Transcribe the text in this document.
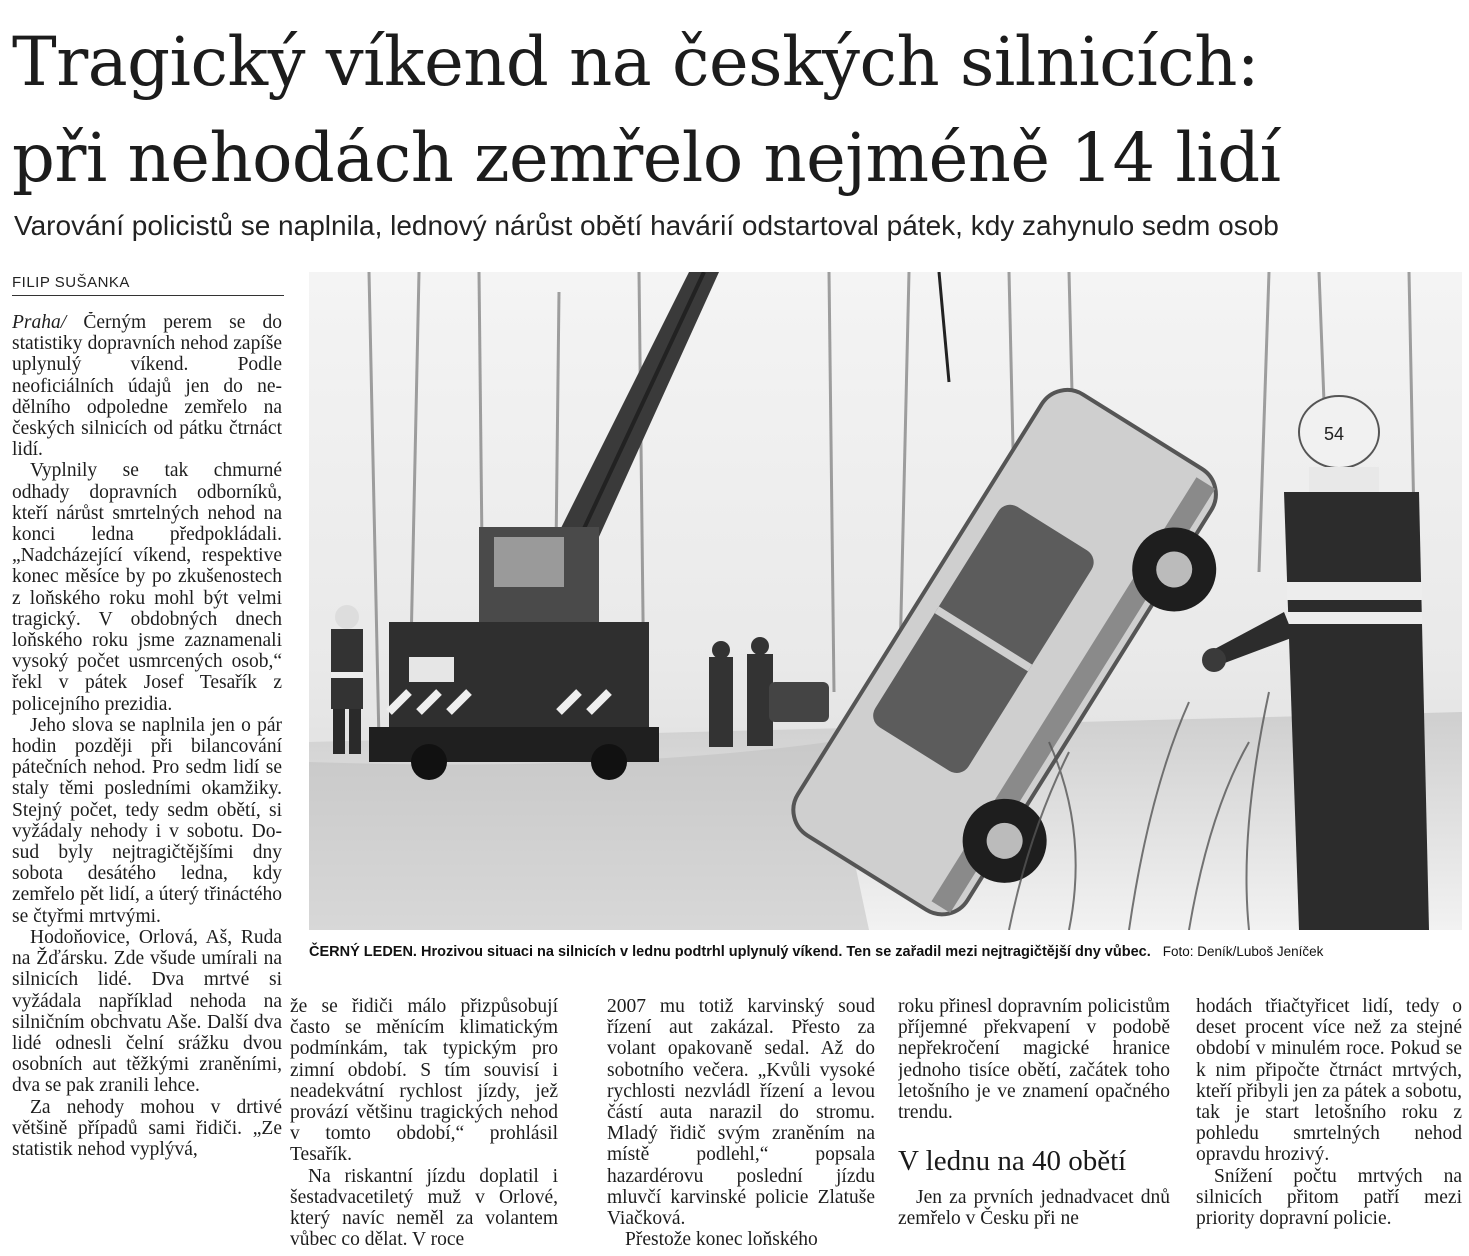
Tragický víkend na českých silnicích:
při nehodách zemřelo nejméně 14 lidí

Varování policistů se naplnila, lednový nárůst obětí havárií odstartoval pátek, kdy zahynulo sedm osob

FILIP SUŠANKA

Praha/ Černým perem se do statistiky dopravních nehod zapíše uplynulý víkend. Podle neoficiálních údajů jen do nedělního odpoledne zemřelo na českých silnicích od pátku čtrnáct lidí.

Vyplnily se tak chmurné odhady dopravních odborníků, kteří nárůst smrtelných nehod na konci ledna předpokládali. „Nadcházející víkend, respektive konec měsíce by po zkušenostech z loňského roku mohl být velmi tragický. V obdobných dnech loňského roku jsme zaznamenali vysoký počet usmrcených osob,“ řekl v pátek Josef Tesařík z policejního prezidia.

Jeho slova se naplnila jen o pár hodin později při bilancování pátečních nehod. Pro sedm lidí se staly těmi posledními okamžiky. Stejný počet, tedy sedm obětí, si vyžádaly nehody i v sobotu. Dosud byly nejtragičtějšími dny sobota desátého ledna, kdy zemřelo pět lidí, a úterý třináctého se čtyřmi mrtvými.

Hodoňovice, Orlová, Aš, Ruda na Žďársku. Zde všude umírali na silnicích lidé. Dva mrtvé si vyžádala například nehoda na silničním obchvatu Aše. Další dva lidé odnesli čelní srážku dvou osobních aut těžkými zraněními, dva se pak zranili lehce.

Za nehody mohou v drtivé většině případů sami řidiči. „Ze statistik nehod vyplývá,

54
ČERNÝ LEDEN. Hrozivou situaci na silnicích v lednu podtrhl uplynulý víkend. Ten se zařadil mezi nejtragičtější dny vůbec. Foto: Deník/Luboš Jeníček

že se řidiči málo přizpůsobují často se měnícím klimatickým podmínkám, tak typickým pro zimní období. S tím souvisí i neadekvátní rychlost jízdy, jež provází většinu tragických nehod v tomto období,“ prohlásil Tesařík.

Na riskantní jízdu doplatil i šestadvacetiletý muž v Orlové, který navíc neměl za volantem vůbec co dělat. V roce

2007 mu totiž karvinský soud řízení aut zakázal. Přesto za volant opakovaně sedal. Až do sobotního večera. „Kvůli vysoké rychlosti nezvládl řízení a levou částí auta narazil do stromu. Mladý řidič svým zraněním na místě podlehl,“ popsala hazardérovu poslední jízdu mluvčí karvinské policie Zlatuše Viačková.

Přestože konec loňského

roku přinesl dopravním policistům příjemné překvapení v podobě nepřekročení magické hranice jednoho tisíce obětí, začátek toho letošního je ve znamení opačného trendu.

V lednu na 40 obětí

Jen za prvních jednadvacet dnů zemřelo v Česku při ne

hodách třiačtyřicet lidí, tedy o deset procent více než za stejné období v minulém roce. Pokud se k nim připočte čtrnáct mrtvých, kteří přibyli jen za pátek a sobotu, tak je start letošního roku z pohledu smrtelných nehod opravdu hrozivý.

Snížení počtu mrtvých na silnicích přitom patří mezi priority dopravní policie.
